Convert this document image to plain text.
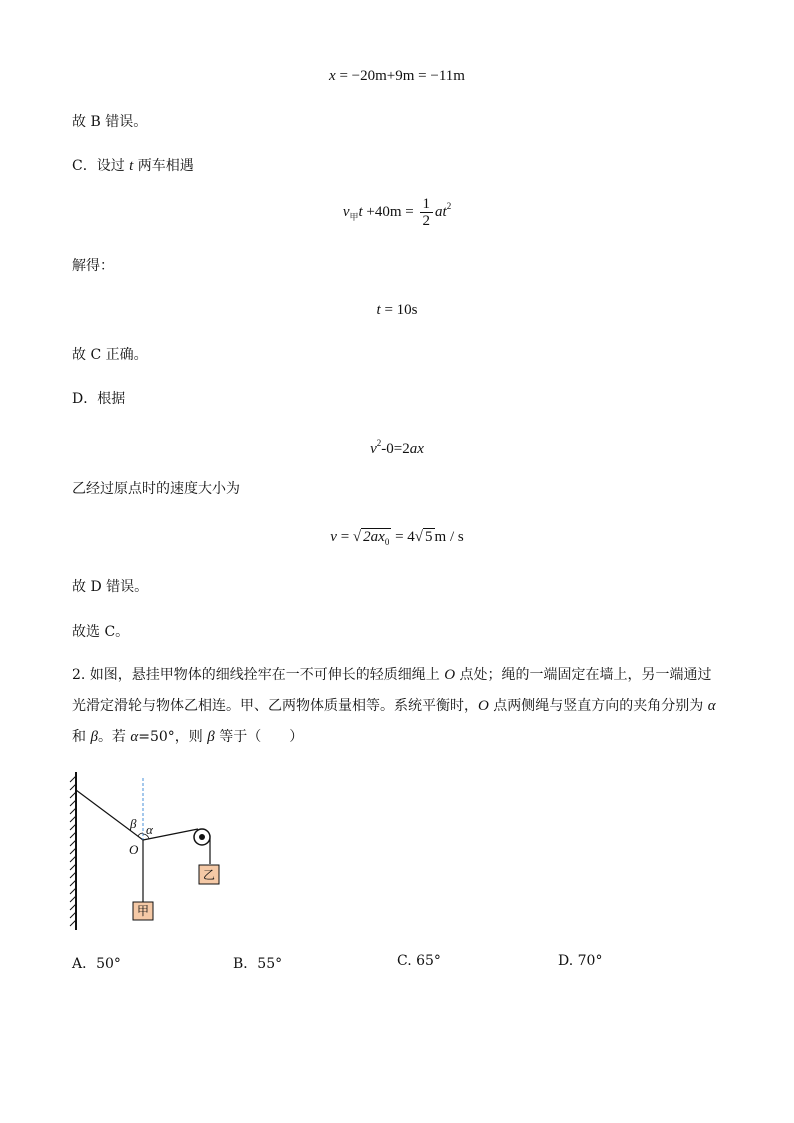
x = −20m+9m = −11m
故 B 错误。
C．设过 t 两车相遇
$v_甲t +40m = \frac{1}{2} at^2$
解得：
t = 10s
故 C 正确。
D．根据
$v^2-0=2ax$
乙经过原点时的速度大小为
v = √ $2ax_0 = 4√$ 5 m / s
故 D 错误。
故选 C。
2. 如图，悬挂甲物体的细线拴牢在一不可伸长的轻质细绳上 O 点处；绳的一端固定在墙上，另一端通过光滑定滑轮与物体乙相连。甲、乙两物体质量相等。系统平衡时，O 点两侧绳与竖直方向的夹角分别为 α 和 β。若 α=50°，则 β 等于（　　）
乙
甲
β α
O
A．50°	B．55°	C. 65°	D. 70°
